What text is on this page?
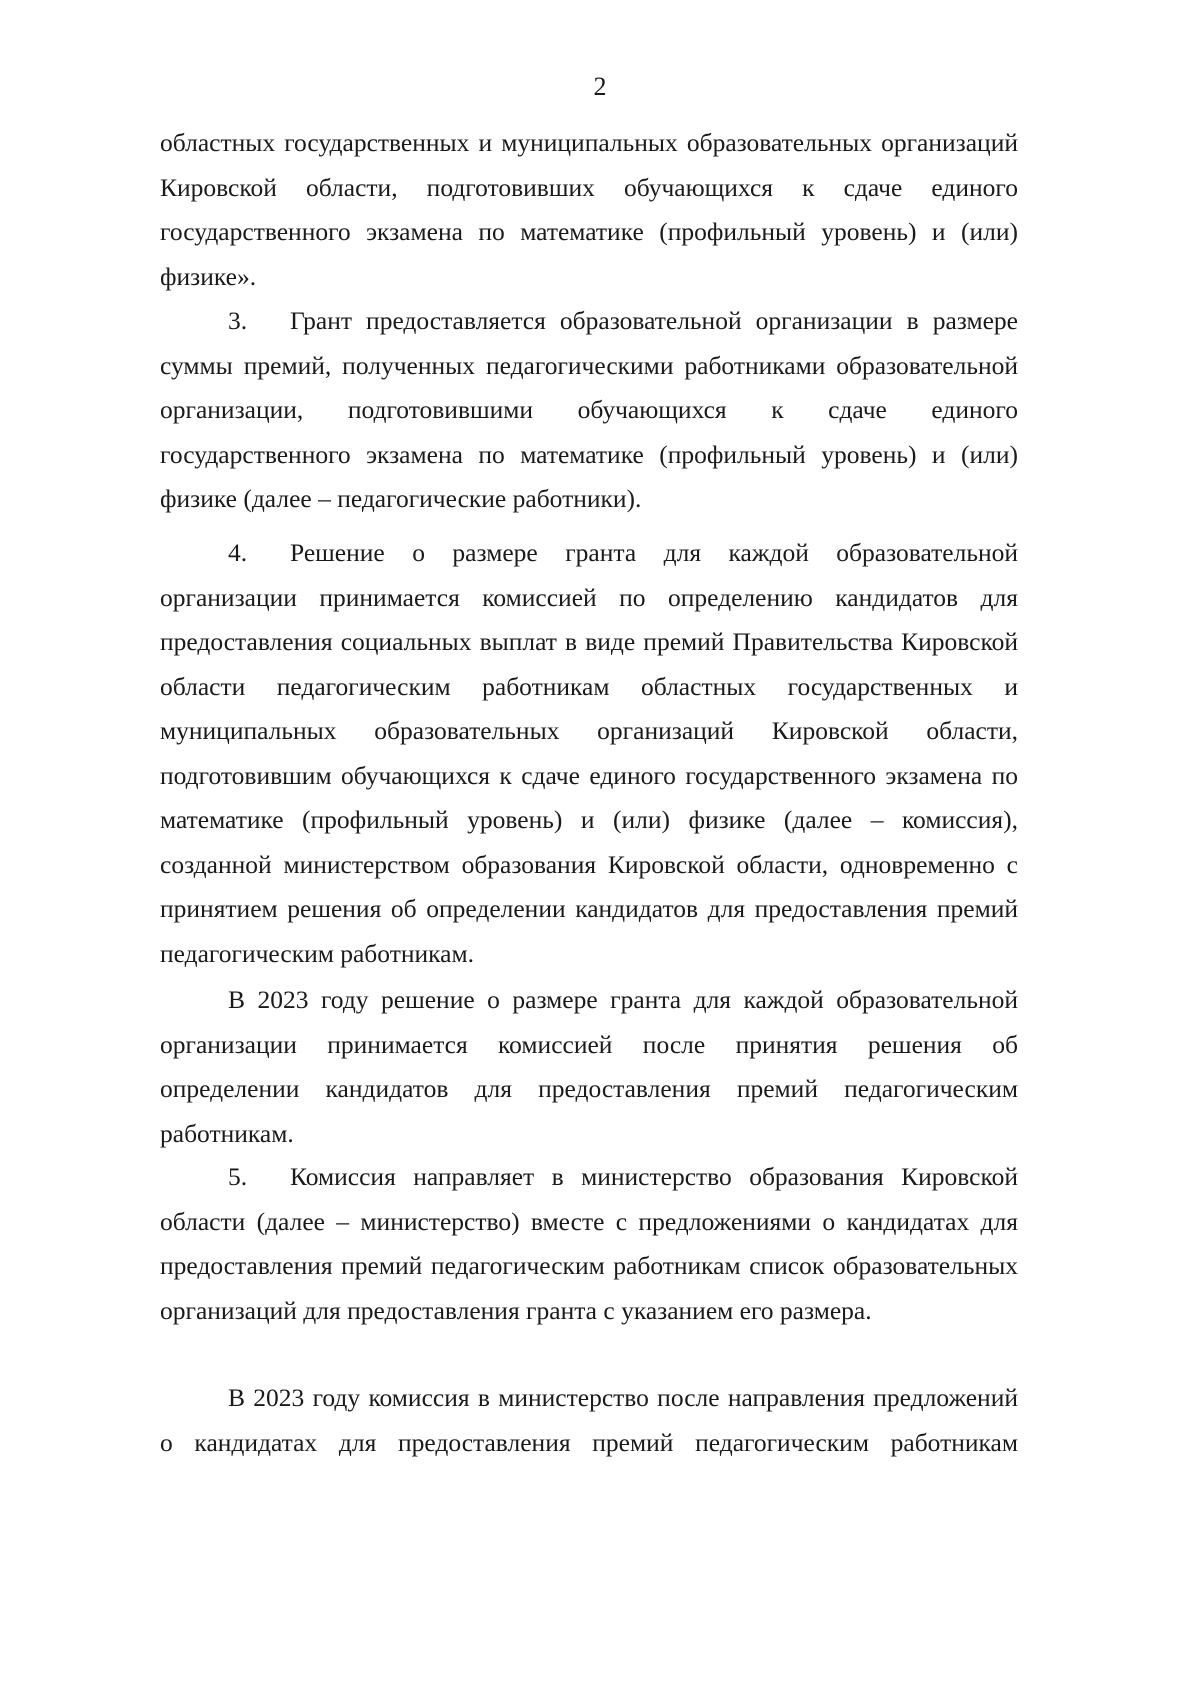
2

областных государственных и муниципальных образовательных организаций Кировской области, подготовивших обучающихся к сдаче единого государственного экзамена по математике (профильный уровень) и (или) физике».

3. Грант предоставляется образовательной организации в размере суммы премий, полученных педагогическими работниками образовательной организации, подготовившими обучающихся к сдаче единого государственного экзамена по математике (профильный уровень) и (или) физике (далее – педагогические работники).

4. Решение о размере гранта для каждой образовательной организации принимается комиссией по определению кандидатов для предоставления социальных выплат в виде премий Правительства Кировской области педагогическим работникам областных государственных и муниципальных образовательных организаций Кировской области, подготовившим обучающихся к сдаче единого государственного экзамена по математике (профильный уровень) и (или) физике (далее – комиссия), созданной министерством образования Кировской области, одновременно с принятием решения об определении кандидатов для предоставления премий педагогическим работникам.

В 2023 году решение о размере гранта для каждой образовательной организации принимается комиссией после принятия решения об определении кандидатов для предоставления премий педагогическим работникам.

5. Комиссия направляет в министерство образования Кировской области (далее – министерство) вместе с предложениями о кандидатах для предоставления премий педагогическим работникам список образовательных организаций для предоставления гранта с указанием его размера.

В 2023 году комиссия в министерство после направления предложений о кандидатах для предоставления премий педагогическим работникам
